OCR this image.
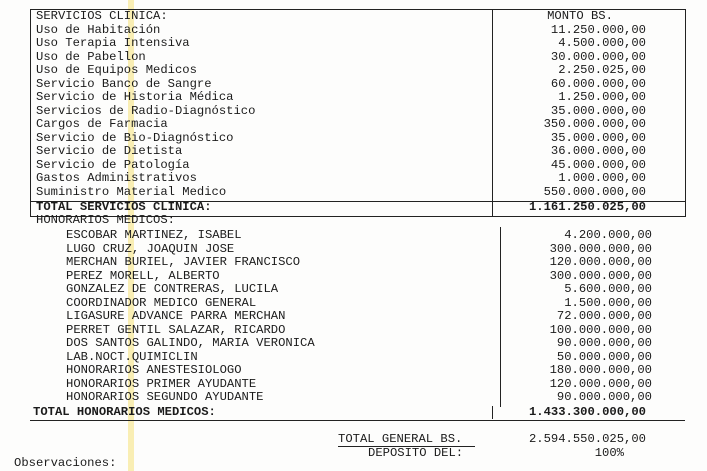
SERVICIOS CLINICA:	MONTO BS.
Uso de Habitación	11.250.000,00
Uso Terapia Intensiva	4.500.000,00
Uso de Pabellon	30.000.000,00
Uso de Equipos Medicos	2.250.025,00
Servicio Banco de Sangre	60.000.000,00
Servicio de Historia Médica	1.250.000,00
Servicios de Radio-Diagnóstico	35.000.000,00
Cargos de Farmacia	350.000.000,00
Servicio de Bio-Diagnóstico	35.000.000,00
Servicio de Dietista	36.000.000,00
Servicio de Patología	45.000.000,00
Gastos Administrativos	1.000.000,00
Suministro Material Medico	550.000.000,00
TOTAL SERVICIOS CLINICA:	1.161.250.025,00
HONORARIOS MEDICOS:
ESCOBAR MARTINEZ, ISABEL	4.200.000,00
LUGO CRUZ, JOAQUIN JOSE	300.000.000,00
MERCHAN BURIEL, JAVIER FRANCISCO	120.000.000,00
PEREZ MORELL, ALBERTO	300.000.000,00
GONZALEZ DE CONTRERAS, LUCILA	5.600.000,00
COORDINADOR MEDICO GENERAL	1.500.000,00
LIGASURE ADVANCE PARRA MERCHAN	72.000.000,00
PERRET GENTIL SALAZAR, RICARDO	100.000.000,00
DOS SANTOS GALINDO, MARIA VERONICA	90.000.000,00
LAB.NOCT.QUIMICLIN	50.000.000,00
HONORARIOS ANESTESIOLOGO	180.000.000,00
HONORARIOS PRIMER AYUDANTE	120.000.000,00
HONORARIOS SEGUNDO AYUDANTE	90.000.000,00
TOTAL HONORARIOS MEDICOS:	1.433.300.000,00
TOTAL GENERAL BS.	2.594.550.025,00
DEPOSITO DEL:	100%
Observaciones:
